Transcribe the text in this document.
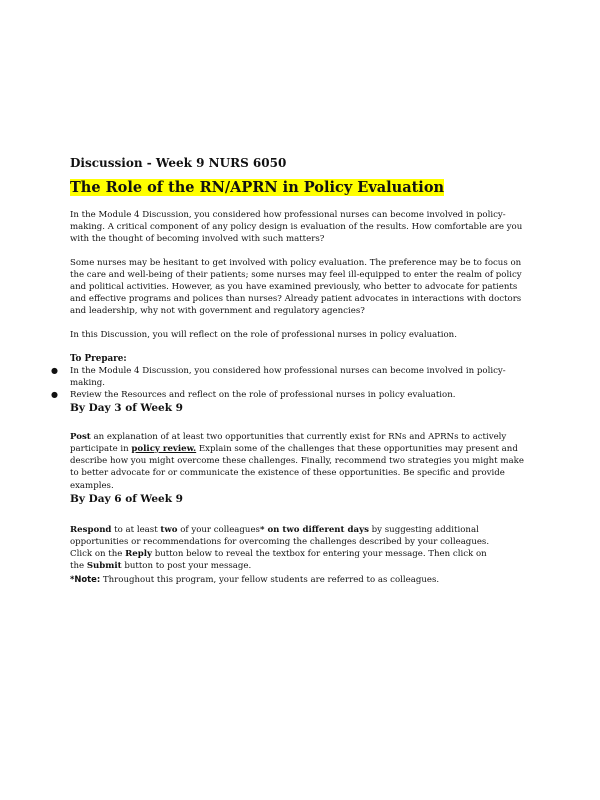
Discussion - Week 9 NURS 6050
The Role of the RN/APRN in Policy Evaluation

In the Module 4 Discussion, you considered how professional nurses can become involved in policy-making. A critical component of any policy design is evaluation of the results. How comfortable are you with the thought of becoming involved with such matters?

Some nurses may be hesitant to get involved with policy evaluation. The preference may be to focus on the care and well-being of their patients; some nurses may feel ill-equipped to enter the realm of policy and political activities. However, as you have examined previously, who better to advocate for patients and effective programs and polices than nurses? Already patient advocates in interactions with doctors and leadership, why not with government and regulatory agencies?

In this Discussion, you will reflect on the role of professional nurses in policy evaluation.

To Prepare:
● In the Module 4 Discussion, you considered how professional nurses can become involved in policy-making.
● Review the Resources and reflect on the role of professional nurses in policy evaluation.
By Day 3 of Week 9

Post an explanation of at least two opportunities that currently exist for RNs and APRNs to actively participate in policy review. Explain some of the challenges that these opportunities may present and describe how you might overcome these challenges. Finally, recommend two strategies you might make to better advocate for or communicate the existence of these opportunities. Be specific and provide examples.

By Day 6 of Week 9

Respond to at least two of your colleagues* on two different days by suggesting additional opportunities or recommendations for overcoming the challenges described by your colleagues.

Click on the Reply button below to reveal the textbox for entering your message. Then click on

the Submit button to post your message.

*Note: Throughout this program, your fellow students are referred to as colleagues.
